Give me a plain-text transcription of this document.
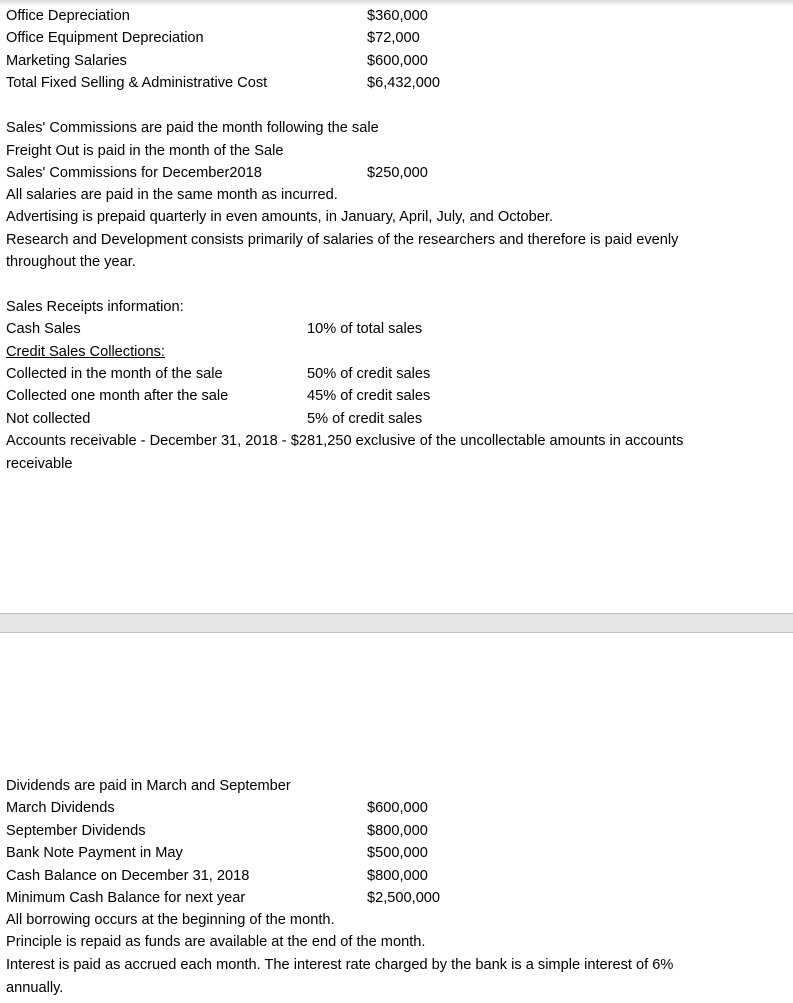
Office Depreciation	$360,000
Office Equipment Depreciation	$72,000
Marketing Salaries	$600,000
Total Fixed Selling & Administrative Cost	$6,432,000
Sales' Commissions are paid the month following the sale
Freight Out is paid in the month of the Sale
Sales' Commissions for December2018	$250,000
All salaries are paid in the same month as incurred.
Advertising is prepaid quarterly in even amounts, in January, April, July, and October.
Research and Development consists primarily of salaries of the researchers and therefore is paid evenly
throughout the year.
Sales Receipts information:
Cash Sales	10% of total sales
Credit Sales Collections:
Collected in the month of the sale	50% of credit sales
Collected one month after the sale	45% of credit sales
Not collected	5% of credit sales
Accounts receivable - December 31, 2018 - $281,250 exclusive of the uncollectable amounts in accounts
receivable
Dividends are paid in March and September
March Dividends	$600,000
September Dividends	$800,000
Bank Note Payment in May	$500,000
Cash Balance on December 31, 2018	$800,000
Minimum Cash Balance for next year	$2,500,000
All borrowing occurs at the beginning of the month.
Principle is repaid as funds are available at the end of the month.
Interest is paid as accrued each month. The interest rate charged by the bank is a simple interest of 6%
annually.
